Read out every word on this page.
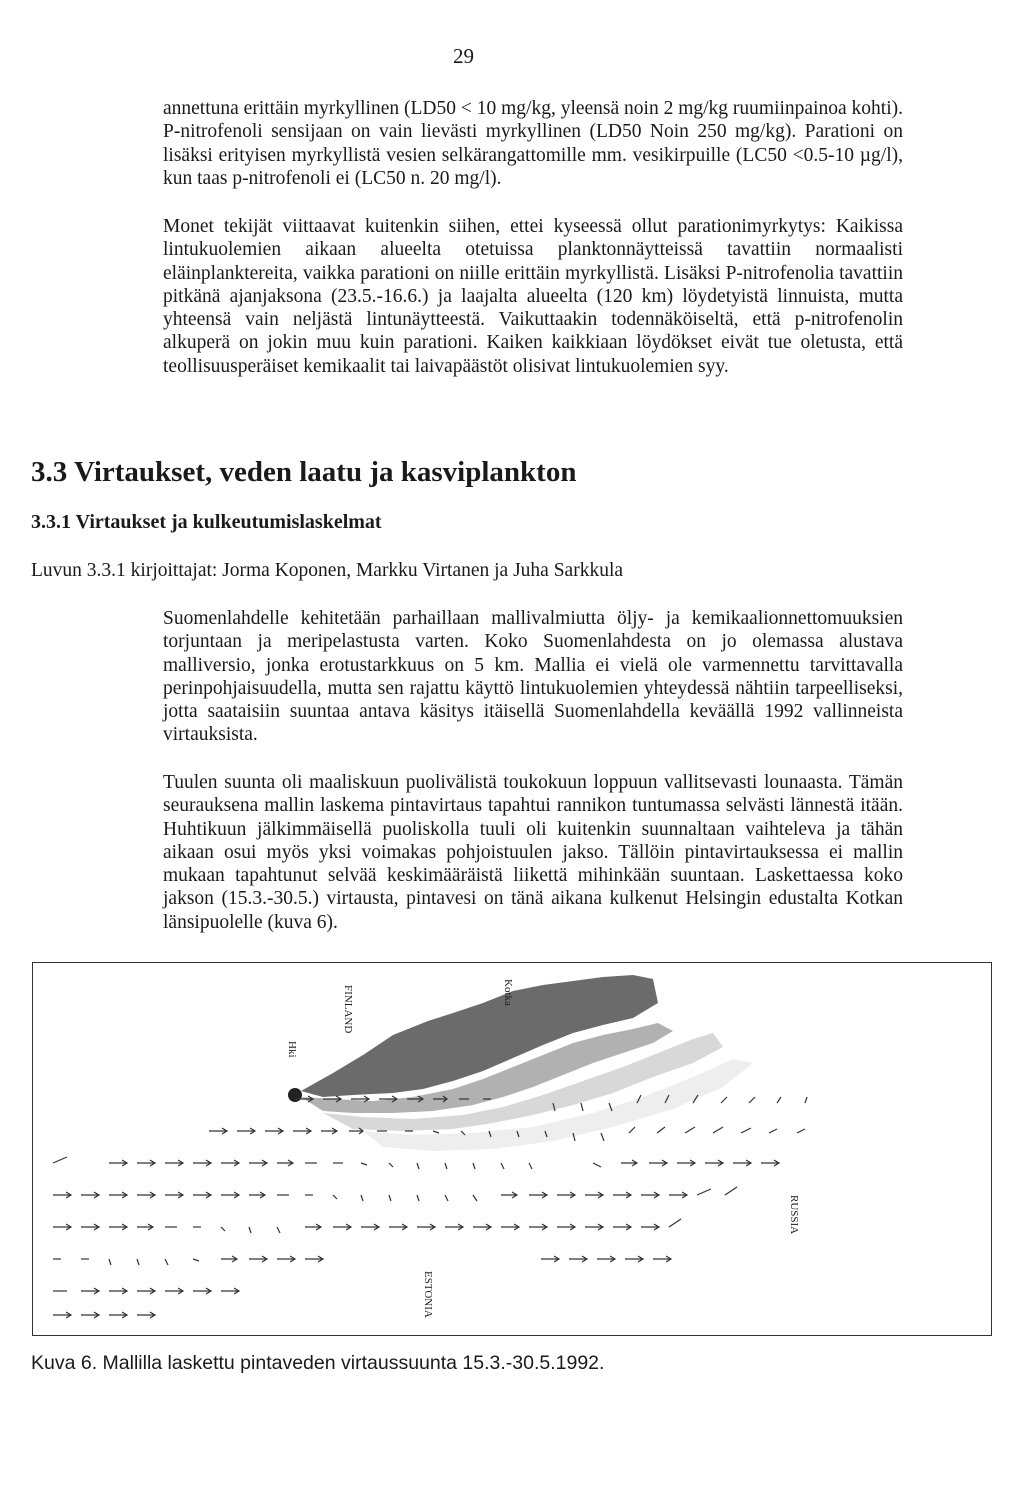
29

annettuna erittäin myrkyllinen (LD50 < 10 mg/kg, yleensä noin 2 mg/kg ruumiinpainoa kohti). P-nitrofenoli sensijaan on vain lievästi myrkyllinen (LD50 Noin 250 mg/kg). Parationi on lisäksi erityisen myrkyllistä vesien selkärangattomille mm. vesikirpuille (LC50 <0.5-10 µg/l), kun taas p-nitrofenoli ei (LC50 n. 20 mg/l).

Monet tekijät viittaavat kuitenkin siihen, ettei kyseessä ollut parationimyrkytys: Kaikissa lintukuolemien aikaan alueelta otetuissa planktonnäytteissä tavattiin normaalisti eläinplanktereita, vaikka parationi on niille erittäin myrkyllistä. Lisäksi P-nitrofenolia tavattiin pitkänä ajanjaksona (23.5.-16.6.) ja laajalta alueelta (120 km) löydetyistä linnuista, mutta yhteensä vain neljästä lintunäytteestä. Vaikuttaakin todennäköiseltä, että p-nitrofenolin alkuperä on jokin muu kuin parationi. Kaiken kaikkiaan löydökset eivät tue oletusta, että teollisuusperäiset kemikaalit tai laivapäästöt olisivat lintukuolemien syy.

3.3 Virtaukset, veden laatu ja kasviplankton
3.3.1 Virtaukset ja kulkeutumislaskelmat

Luvun 3.3.1 kirjoittajat: Jorma Koponen, Markku Virtanen ja Juha Sarkkula

Suomenlahdelle kehitetään parhaillaan mallivalmiutta öljy- ja kemikaalionnettomuuksien torjuntaan ja meripelastusta varten. Koko Suomenlahdesta on jo olemassa alustava malliversio, jonka erotustarkkuus on 5 km. Mallia ei vielä ole varmennettu tarvittavalla perinpohjaisuudella, mutta sen rajattu käyttö lintukuolemien yhteydessä nähtiin tarpeelliseksi, jotta saataisiin suuntaa antava käsitys itäisellä Suomenlahdella keväällä 1992 vallinneista virtauksista.

Tuulen suunta oli maaliskuun puolivälistä toukokuun loppuun vallitsevasti lounaasta. Tämän seurauksena mallin laskema pintavirtaus tapahtui rannikon tuntumassa selvästi lännestä itään. Huhtikuun jälkimmäisellä puoliskolla tuuli oli kuitenkin suunnaltaan vaihteleva ja tähän aikaan osui myös yksi voimakas pohjoistuulen jakso. Tällöin pintavirtauksessa ei mallin mukaan tapahtunut selvää keskimääräistä liikettä mihinkään suuntaan. Laskettaessa koko jakson (15.3.-30.5.) virtausta, pintavesi on tänä aikana kulkenut Helsingin edustalta Kotkan länsipuolelle (kuva 6).

FINLAND	Kotka
Hki
RUSSIA
ESTONIA

Kuva 6. Mallilla laskettu pintaveden virtaussuunta 15.3.-30.5.1992.
